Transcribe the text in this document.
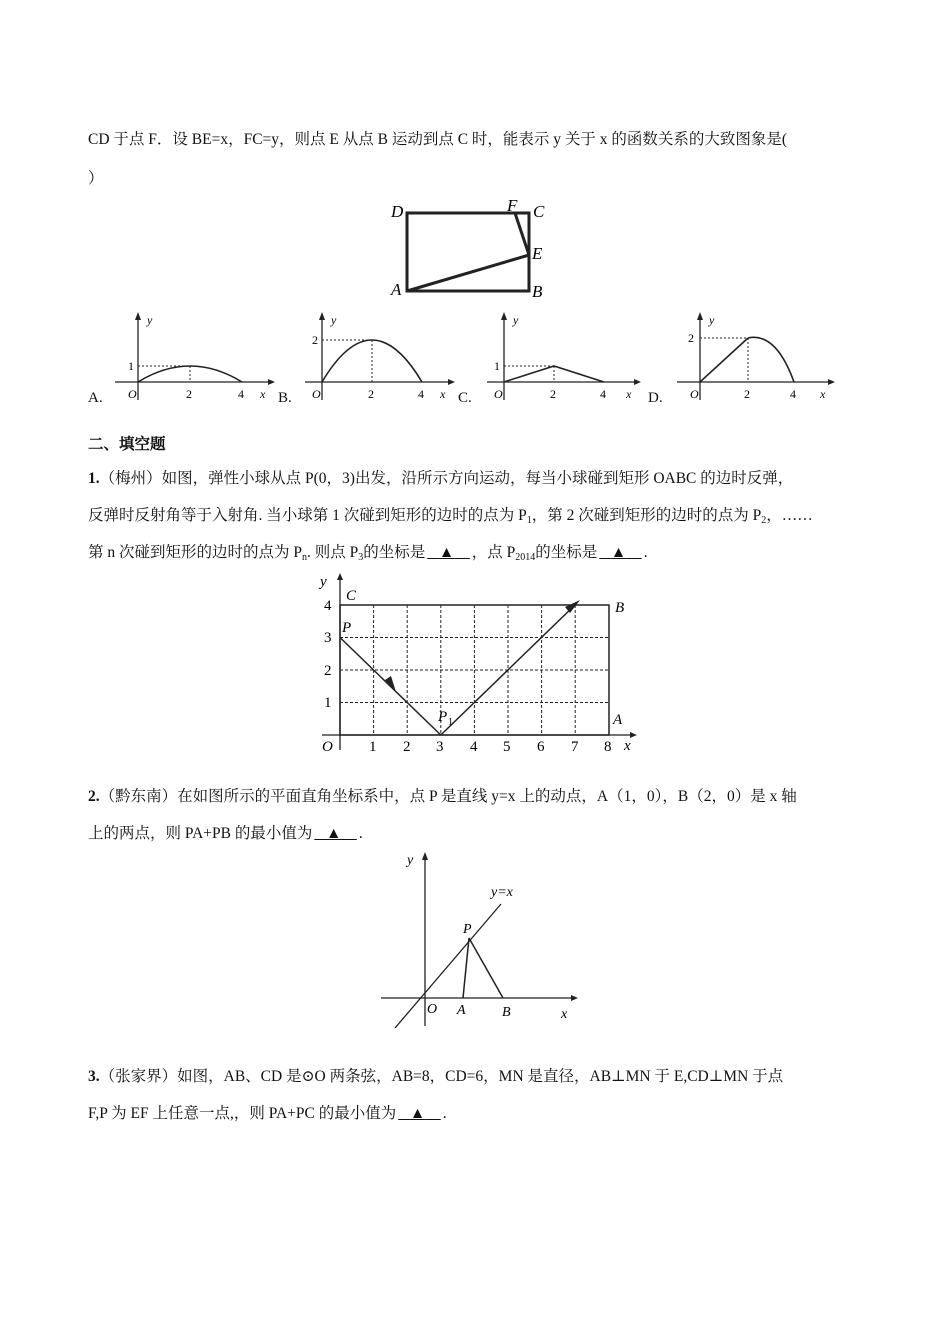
CD 于点 F．设 BE=x，FC=y，则点 E 从点 B 运动到点 C 时，能表示 y 关于 x 的函数关系的大致图象是(
）
D	F C
E
A	B
A.
y
x
O
1
2	4 B.
y
x
O
2
2	4 C.
y
x
O
1
2	4	D.
y
x
O
2
2	4
二、填空题
1.（梅州）如图，弹性小球从点 P(0，3)出发，沿所示方向运动，每当小球碰到矩形 OABC 的边时反弹，
反弹时反射角等于入射角. 当小球第 1 次碰到矩形的边时的点为 $P_1$，第 2 次碰到矩形的边时的点为 $P_2$，……
第 n 次碰到矩形的边时的点为 $P_n$. 则点 $P_3$的坐标是 ▲ ，点 $P_{2014}$的坐标是 ▲ .
y
4
3
2
1
O 1 2 3 4 5 6 7 8 x
C
B
A
P
P 1
2.（黔东南）在如图所示的平面直角坐标系中，点 P 是直线 y=x 上的动点，A（1，0），B（2，0）是 x 轴
上的两点，则 PA+PB 的最小值为 ▲ .
y
x
O A	B
P
y=x
3.（张家界）如图，AB、CD 是⊙O 两条弦，AB=8，CD=6，MN 是直径，AB⊥MN 于 E,CD⊥MN 于点
F,P 为 EF 上任意一点,，则 PA+PC 的最小值为 ▲ .
